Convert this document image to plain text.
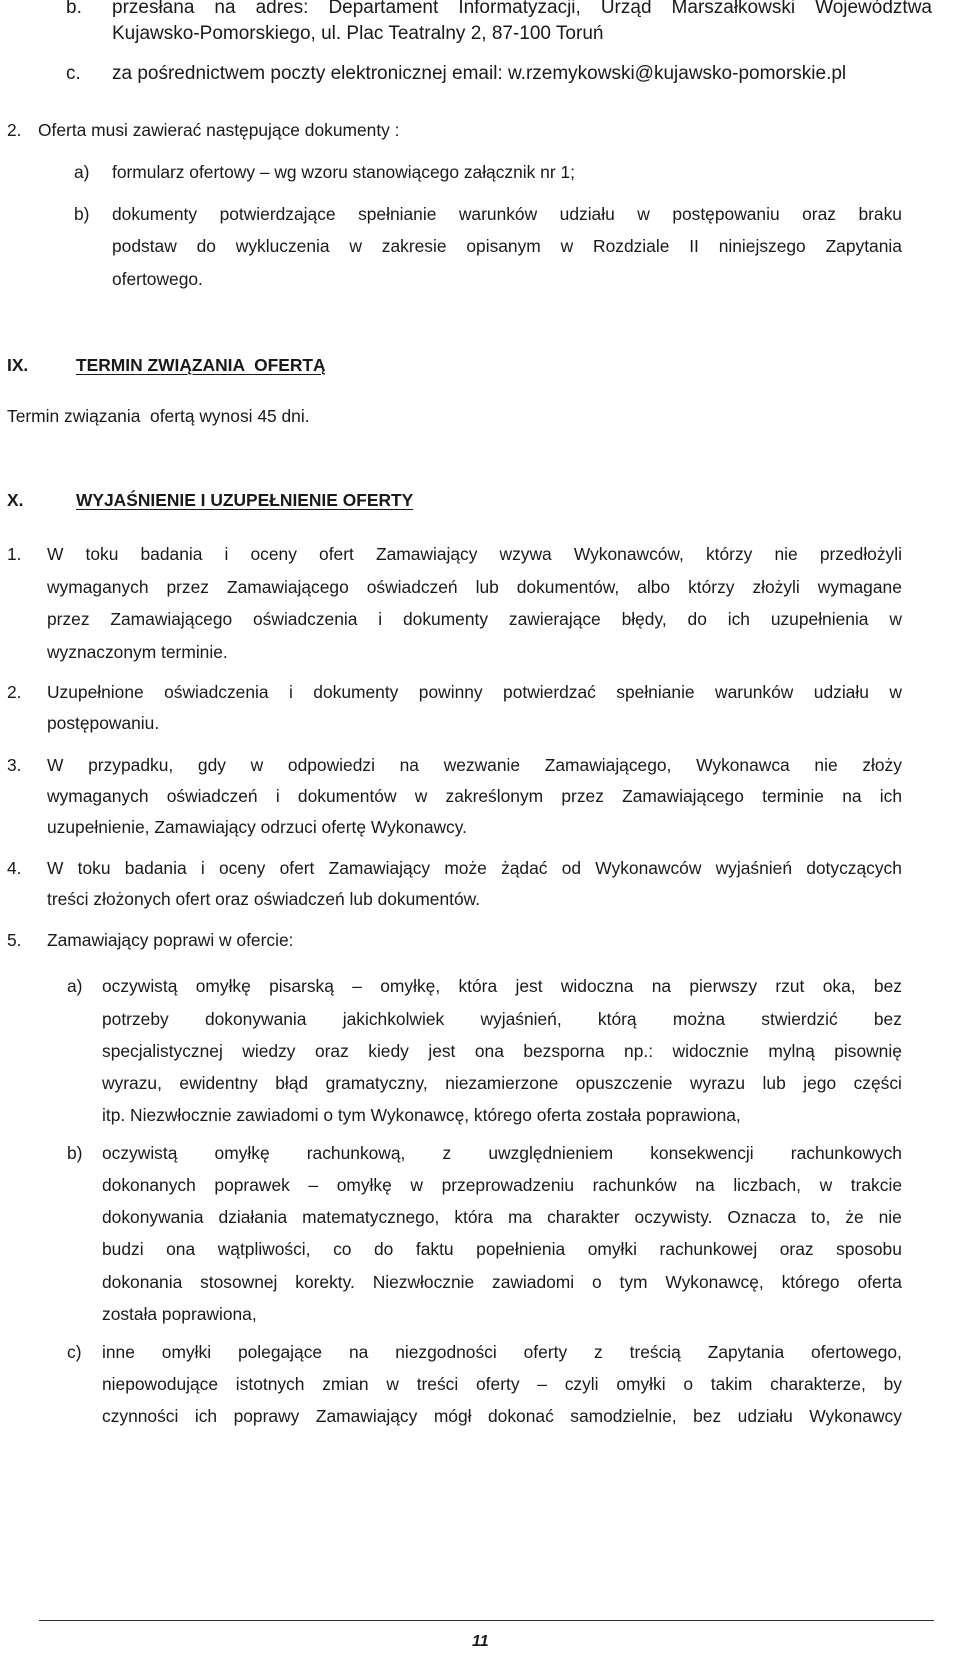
b. przesłana na adres: Departament Informatyzacji, Urząd Marszałkowski Województwa
Kujawsko-Pomorskiego, ul. Plac Teatralny 2, 87-100 Toruń
c. za pośrednictwem poczty elektronicznej email: w.rzemykowski@kujawsko-pomorskie.pl
2. Oferta musi zawierać następujące dokumenty :
a) formularz ofertowy – wg wzoru stanowiącego załącznik nr 1;
b) dokumenty potwierdzające spełnianie warunków udziału w postępowaniu oraz braku
podstaw do wykluczenia w zakresie opisanym w Rozdziale II niniejszego Zapytania
ofertowego.
IX.	TERMIN ZWIĄZANIA  OFERTĄ
Termin związania  ofertą wynosi 45 dni.
X.	WYJAŚNIENIE I UZUPEŁNIENIE OFERTY
1. W toku badania i oceny ofert Zamawiający wzywa Wykonawców, którzy nie przedłożyli
wymaganych przez Zamawiającego oświadczeń lub dokumentów, albo którzy złożyli wymagane
przez Zamawiającego oświadczenia i dokumenty zawierające błędy, do ich uzupełnienia w
wyznaczonym terminie.
2. Uzupełnione oświadczenia i dokumenty powinny potwierdzać spełnianie warunków udziału w
postępowaniu.
3. W przypadku, gdy w odpowiedzi na wezwanie Zamawiającego, Wykonawca nie złoży
wymaganych oświadczeń i dokumentów w zakreślonym przez Zamawiającego terminie na ich
uzupełnienie, Zamawiający odrzuci ofertę Wykonawcy.
4. W toku badania i oceny ofert Zamawiający może żądać od Wykonawców wyjaśnień dotyczących
treści złożonych ofert oraz oświadczeń lub dokumentów.
5. Zamawiający poprawi w ofercie:
a) oczywistą omyłkę pisarską – omyłkę, która jest widoczna na pierwszy rzut oka, bez
potrzeby dokonywania jakichkolwiek wyjaśnień, którą można stwierdzić bez
specjalistycznej wiedzy oraz kiedy jest ona bezsporna np.: widocznie mylną pisownię
wyrazu, ewidentny błąd gramatyczny, niezamierzone opuszczenie wyrazu lub jego części
itp. Niezwłocznie zawiadomi o tym Wykonawcę, którego oferta została poprawiona,
b) oczywistą omyłkę rachunkową, z uwzględnieniem konsekwencji rachunkowych
dokonanych poprawek – omyłkę w przeprowadzeniu rachunków na liczbach, w trakcie
dokonywania działania matematycznego, która ma charakter oczywisty. Oznacza to, że nie
budzi ona wątpliwości, co do faktu popełnienia omyłki rachunkowej oraz sposobu
dokonania stosownej korekty. Niezwłocznie zawiadomi o tym Wykonawcę, którego oferta
została poprawiona,
c) inne omyłki polegające na niezgodności oferty z treścią Zapytania ofertowego,
niepowodujące istotnych zmian w treści oferty – czyli omyłki o takim charakterze, by
czynności ich poprawy Zamawiający mógł dokonać samodzielnie, bez udziału Wykonawcy
11
